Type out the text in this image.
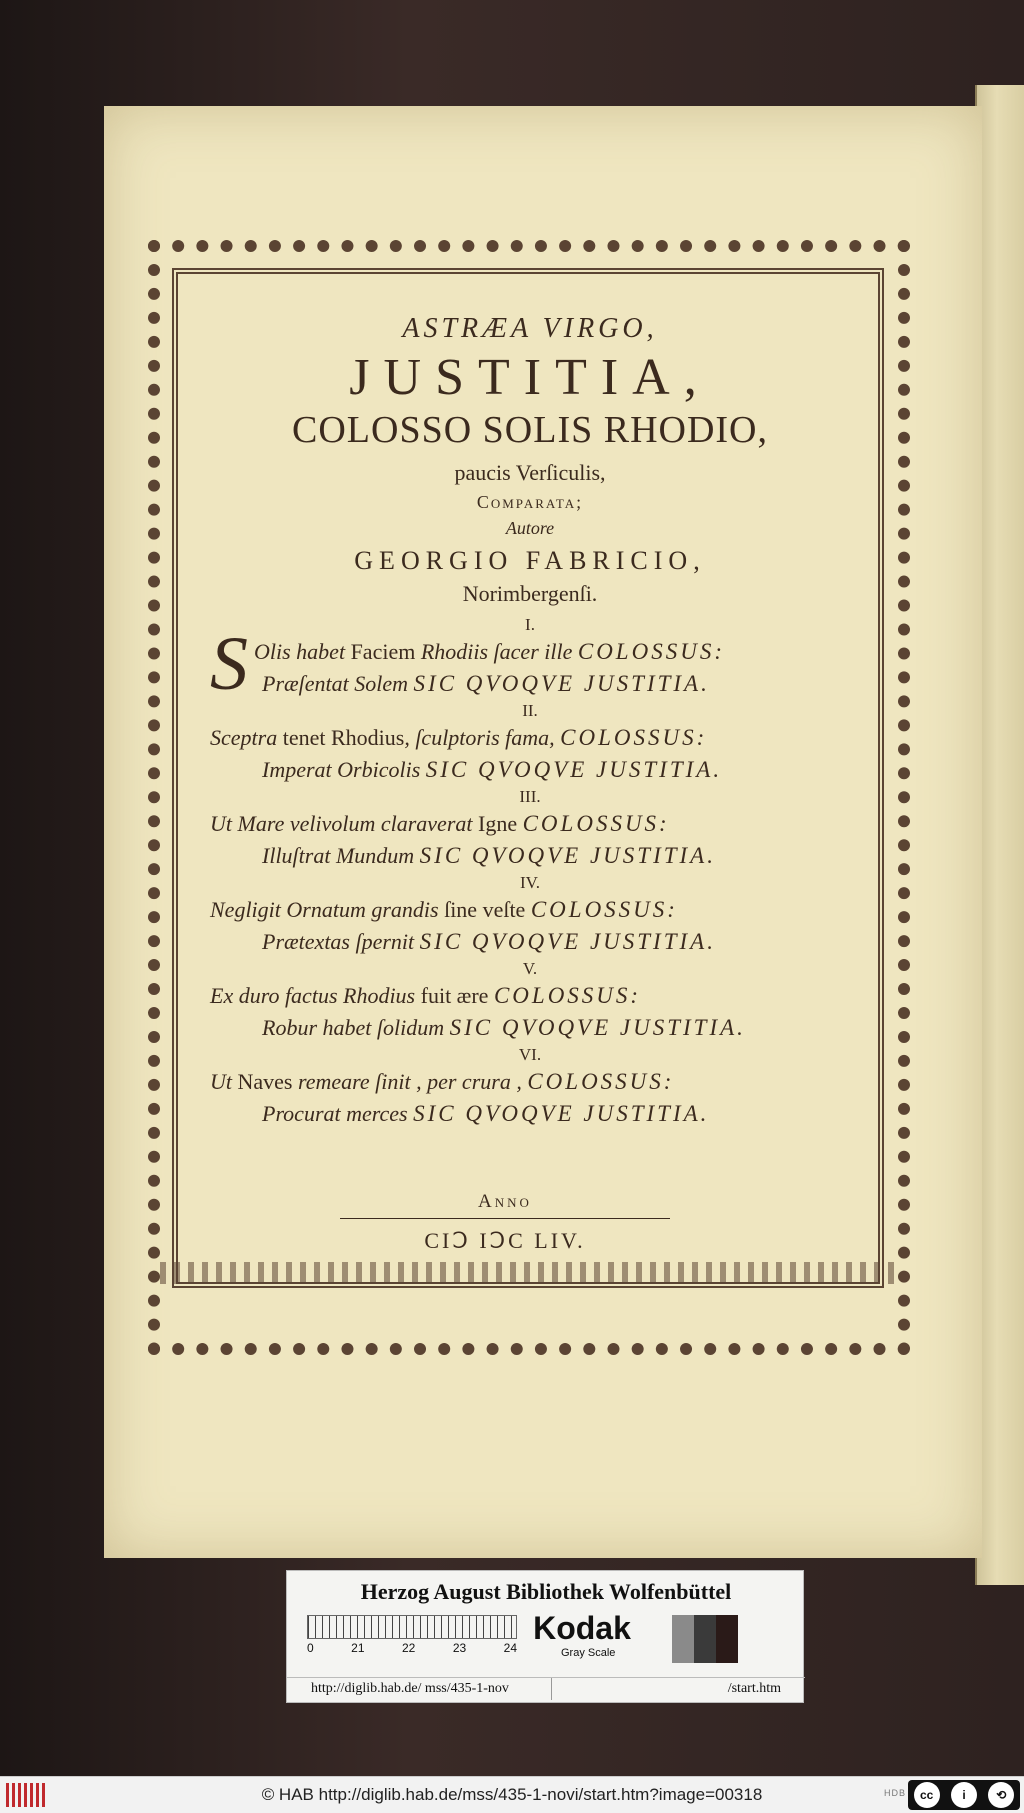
ASTRÆA VIRGO,
JUSTITIA,
COLOSSO SOLIS RHODIO,
paucis Verſiculis,
Comparata;
Autore
GEORGIO FABRICIO,
Norimbergenſi.
I.
S Olis habet Faciem Rhodiis ſacer ille COLOSSUS:
Præſentat Solem SIC QVOQVE JUSTITIA.
II.
Sceptra tenet Rhodius, ſculptoris fama, COLOSSUS:
Imperat Orbicolis SIC QVOQVE JUSTITIA.
III.
Ut Mare velivolum claraverat Igne COLOSSUS:
Illuſtrat Mundum SIC QVOQVE JUSTITIA.
IV.
Negligit Ornatum grandis ſine veſte COLOSSUS:
Prætextas ſpernit SIC QVOQVE JUSTITIA.
V.
Ex duro factus Rhodius fuit ære COLOSSUS:
Robur habet ſolidum SIC QVOQVE JUSTITIA.
VI.
Ut Naves remeare ſinit , per crura , COLOSSUS:
Procurat merces SIC QVOQVE JUSTITIA.
Anno
CIↃ IↃC LIV.
Herzog August Bibliothek Wolfenbüttel
0	21	22	23	24
Kodak
Gray Scale
http://diglib.hab.de/ mss/435-1-nov	/start.htm
© HAB http://diglib.hab.de/mss/435-1-novi/start.htm?image=00318	HDB	cc	i	⟲
